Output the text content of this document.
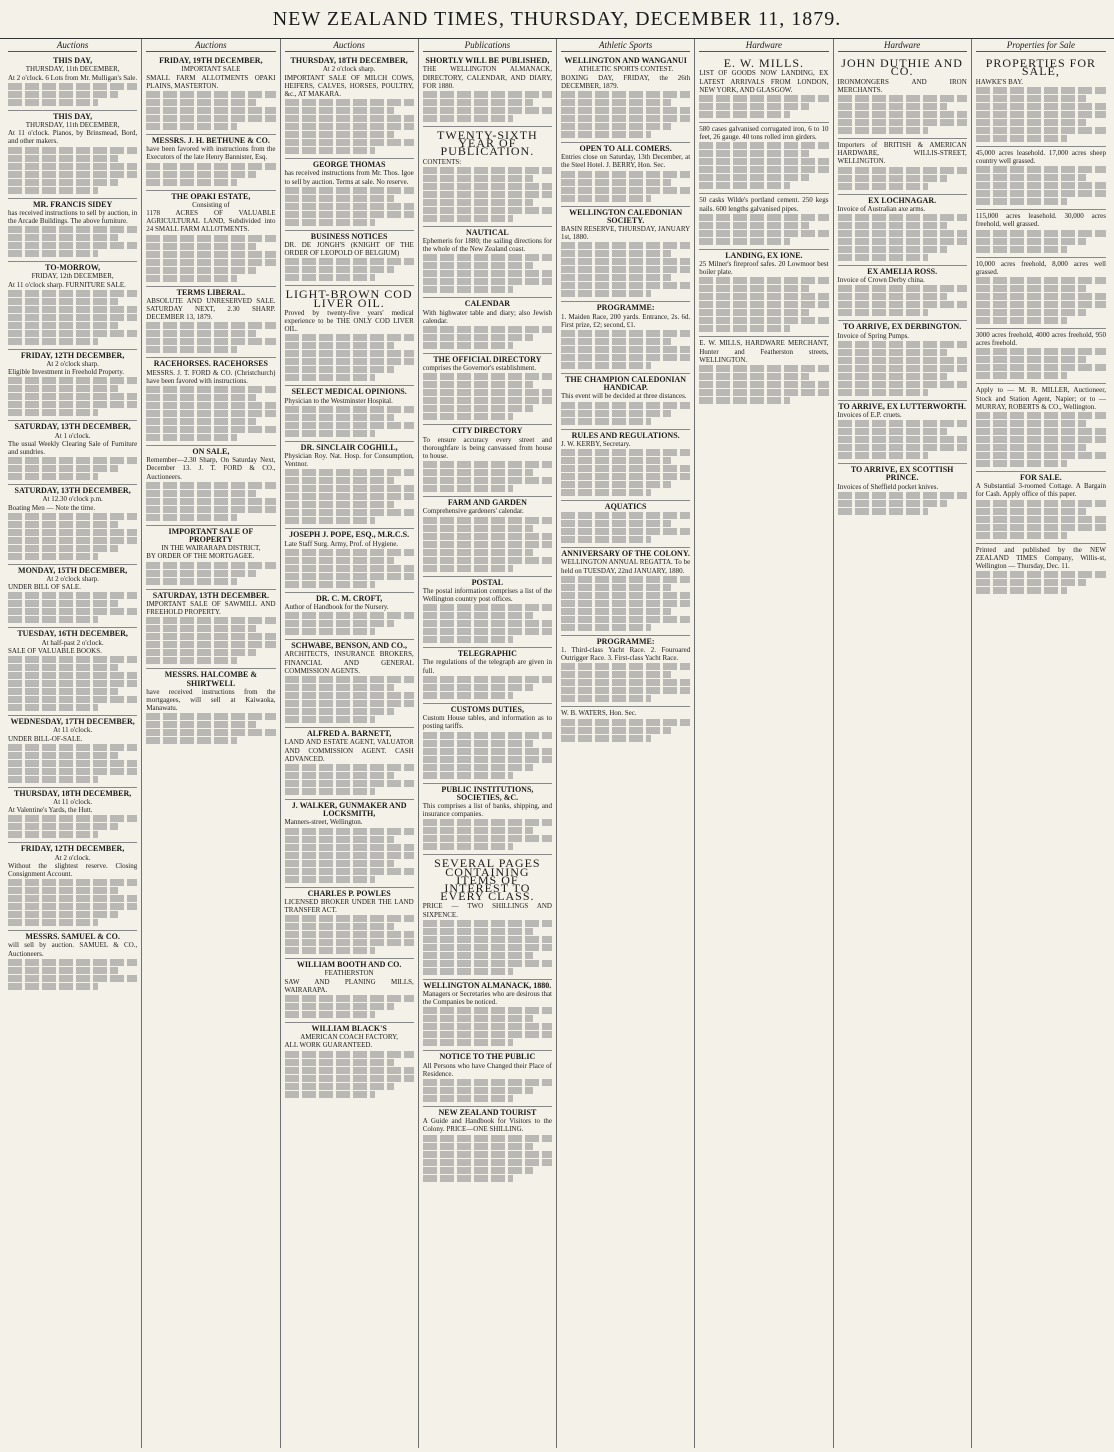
NEW ZEALAND TIMES, THURSDAY, DECEMBER 11, 1879.
Auctions
THIS DAY,
THURSDAY, 11th DECEMBER,
At 2 o'clock. 6 Lots from Mr. Mulligan's Sale.
THIS DAY,
THURSDAY, 11th DECEMBER,
At 11 o'clock. Pianos, by Brinsmead, Bord, and other makers.
MR. FRANCIS SIDEY
has received instructions to sell by auction, in the Arcade Buildings. The above furniture.
TO-MORROW,
FRIDAY, 12th DECEMBER,
At 11 o'clock sharp. FURNITURE SALE.
FRIDAY, 12TH DECEMBER,
At 2 o'clock sharp.
Eligible Investment in Freehold Property.
SATURDAY, 13TH DECEMBER,
At 1 o'clock.
The usual Weekly Clearing Sale of Furniture and sundries.
SATURDAY, 13TH DECEMBER,
At 12.30 o'clock p.m.
Boating Men — Note the time.
MONDAY, 15TH DECEMBER,
At 2 o'clock sharp.
UNDER BILL OF SALE.
TUESDAY, 16TH DECEMBER,
At half-past 2 o'clock.
SALE OF VALUABLE BOOKS.
WEDNESDAY, 17TH DECEMBER,
At 11 o'clock.
UNDER BILL-OF-SALE.
THURSDAY, 18TH DECEMBER,
At 11 o'clock.
At Valentine's Yards, the Hutt.
FRIDAY, 12TH DECEMBER,
At 2 o'clock.
Without the slightest reserve. Closing Consignment Account.
MESSRS. SAMUEL & CO.
will sell by auction. SAMUEL & CO., Auctioneers.
Auctions
FRIDAY, 19TH DECEMBER,
IMPORTANT SALE
SMALL FARM ALLOTMENTS OPAKI PLAINS, MASTERTON.
MESSRS. J. H. BETHUNE & CO.
have been favored with instructions from the Executors of the late Henry Bannister, Esq.
THE OPAKI ESTATE,
Consisting of
1178 ACRES OF VALUABLE AGRICULTURAL LAND, Subdivided into 24 SMALL FARM ALLOTMENTS.
TERMS LIBERAL.
ABSOLUTE AND UNRESERVED SALE. SATURDAY NEXT, 2.30 SHARP. DECEMBER 13, 1879.
RACEHORSES. RACEHORSES
MESSRS. J. T. FORD & CO. (Christchurch) have been favored with instructions.
ON SALE,
Remember—2.30 Sharp, On Saturday Next, December 13. J. T. FORD & CO., Auctioneers.
IMPORTANT SALE OF PROPERTY
IN THE WAIRARAPA DISTRICT,
BY ORDER OF THE MORTGAGEE.
SATURDAY, 13TH DECEMBER.
IMPORTANT SALE OF SAWMILL AND FREEHOLD PROPERTY.
MESSRS. HALCOMBE & SHIRTWELL
have received instructions from the mortgagees, will sell at Kaiwaoka, Manawatu.
Auctions
THURSDAY, 18TH DECEMBER,
At 2 o'clock sharp.
IMPORTANT SALE OF MILCH COWS, HEIFERS, CALVES, HORSES, POULTRY, &c., AT MAKARA.
GEORGE THOMAS
has received instructions from Mr. Thos. Igoe to sell by auction. Terms at sale. No reserve.
BUSINESS NOTICES
DR. DE JONGH'S (KNIGHT OF THE ORDER OF LEOPOLD OF BELGIUM)
LIGHT-BROWN COD LIVER OIL.
Proved by twenty-five years' medical experience to be THE ONLY COD LIVER OIL.
SELECT MEDICAL OPINIONS.
Physician to the Westminster Hospital.
DR. SINCLAIR COGHILL,
Physician Roy. Nat. Hosp. for Consumption, Ventnor.
JOSEPH J. POPE, ESQ., M.R.C.S.
Late Staff Surg. Army, Prof. of Hygiene.
DR. C. M. CROFT,
Author of Handbook for the Nursery.
SCHWABE, BENSON, AND CO.,
ARCHITECTS, INSURANCE BROKERS, FINANCIAL AND GENERAL COMMISSION AGENTS.
ALFRED A. BARNETT,
LAND AND ESTATE AGENT, VALUATOR AND COMMISSION AGENT. CASH ADVANCED.
J. WALKER, GUNMAKER AND LOCKSMITH,
Manners-street, Wellington.
CHARLES P. POWLES
LICENSED BROKER UNDER THE LAND TRANSFER ACT.
WILLIAM BOOTH AND CO.
FEATHERSTON
SAW AND PLANING MILLS, WAIRARAPA.
WILLIAM BLACK'S
AMERICAN COACH FACTORY,
ALL WORK GUARANTEED.
Publications
SHORTLY WILL BE PUBLISHED,
THE WELLINGTON ALMANACK, DIRECTORY, CALENDAR, AND DIARY, FOR 1880.
TWENTY-SIXTH YEAR OF PUBLICATION.
CONTENTS:
NAUTICAL
Ephemeris for 1880; the sailing directions for the whole of the New Zealand coast.
CALENDAR
With highwater table and diary; also Jewish calendar.
THE OFFICIAL DIRECTORY
comprises the Governor's establishment.
CITY DIRECTORY
To ensure accuracy every street and thoroughfare is being canvassed from house to house.
FARM AND GARDEN
Comprehensive gardeners' calendar.
POSTAL
The postal information comprises a list of the Wellington country post offices.
TELEGRAPHIC
The regulations of the telegraph are given in full.
CUSTOMS DUTIES,
Custom House tables, and information as to posting tariffs.
PUBLIC INSTITUTIONS, SOCIETIES, &C.
This comprises a list of banks, shipping, and insurance companies.
SEVERAL PAGES CONTAINING ITEMS OF INTEREST TO EVERY CLASS.
PRICE — TWO SHILLINGS AND SIXPENCE.
WELLINGTON ALMANACK, 1880.
Managers or Secretaries who are desirous that the Companies be noticed.
NOTICE TO THE PUBLIC
All Persons who have Changed their Place of Residence.
NEW ZEALAND TOURIST
A Guide and Handbook for Visitors to the Colony. PRICE—ONE SHILLING.
Athletic Sports
WELLINGTON AND WANGANUI
ATHLETIC SPORTS CONTEST.
BOXING DAY, FRIDAY, the 26th DECEMBER, 1879.
OPEN TO ALL COMERS.
Entries close on Saturday, 13th December, at the Steel Hotel. J. BERRY, Hon. Sec.
WELLINGTON CALEDONIAN SOCIETY.
BASIN RESERVE, THURSDAY, JANUARY 1st, 1880.
PROGRAMME:
1. Maiden Race, 200 yards. Entrance, 2s. 6d. First prize, £2; second, £1.
THE CHAMPION CALEDONIAN HANDICAP.
This event will be decided at three distances.
RULES AND REGULATIONS.
J. W. KERBY, Secretary.
AQUATICS
ANNIVERSARY OF THE COLONY.
WELLINGTON ANNUAL REGATTA. To be held on TUESDAY, 22nd JANUARY, 1880.
PROGRAMME:
1. Third-class Yacht Race. 2. Fouroared Outrigger Race. 3. First-class Yacht Race.
W. B. WATERS, Hon. Sec.
Hardware
E. W. MILLS.
LIST OF GOODS NOW LANDING, EX LATEST ARRIVALS FROM LONDON, NEW YORK, AND GLASGOW.
580 cases galvanised corrugated iron, 6 to 10 feet, 26 gauge. 40 tons rolled iron girders.
50 casks Wilde's portland cement. 250 kegs nails. 600 lengths galvanised pipes.
LANDING, EX IONE.
25 Milner's fireproof safes. 20 Lowmoor best boiler plate.
E. W. MILLS, HARDWARE MERCHANT, Hunter and Featherston streets, WELLINGTON.
Hardware
JOHN DUTHIE AND CO.
IRONMONGERS AND IRON MERCHANTS.
Importers of BRITISH & AMERICAN HARDWARE, WILLIS-STREET, WELLINGTON.
EX LOCHNAGAR.
Invoice of Australian axe arms.
EX AMELIA ROSS.
Invoice of Crown Derby china.
TO ARRIVE, EX DERBINGTON.
Invoice of Spring Pumps.
TO ARRIVE, EX LUTTERWORTH.
Invoices of E.P. cruets.
TO ARRIVE, EX SCOTTISH PRINCE.
Invoices of Sheffield pocket knives.
Properties for Sale
PROPERTIES FOR SALE,
HAWKE'S BAY.
45,000 acres leasehold. 17,000 acres sheep country well grassed.
115,000 acres leasehold. 30,000 acres freehold, well grassed.
10,000 acres freehold, 8,000 acres well grassed.
3000 acres freehold, 4000 acres freehold, 950 acres freehold.
Apply to — M. R. MILLER, Auctioneer, Stock and Station Agent, Napier; or to — MURRAY, ROBERTS & CO., Wellington.
FOR SALE.
A Substantial 3-roomed Cottage. A Bargain for Cash. Apply office of this paper.
Printed and published by the NEW ZEALAND TIMES Company, Willis-st, Wellington — Thursday, Dec. 11.
